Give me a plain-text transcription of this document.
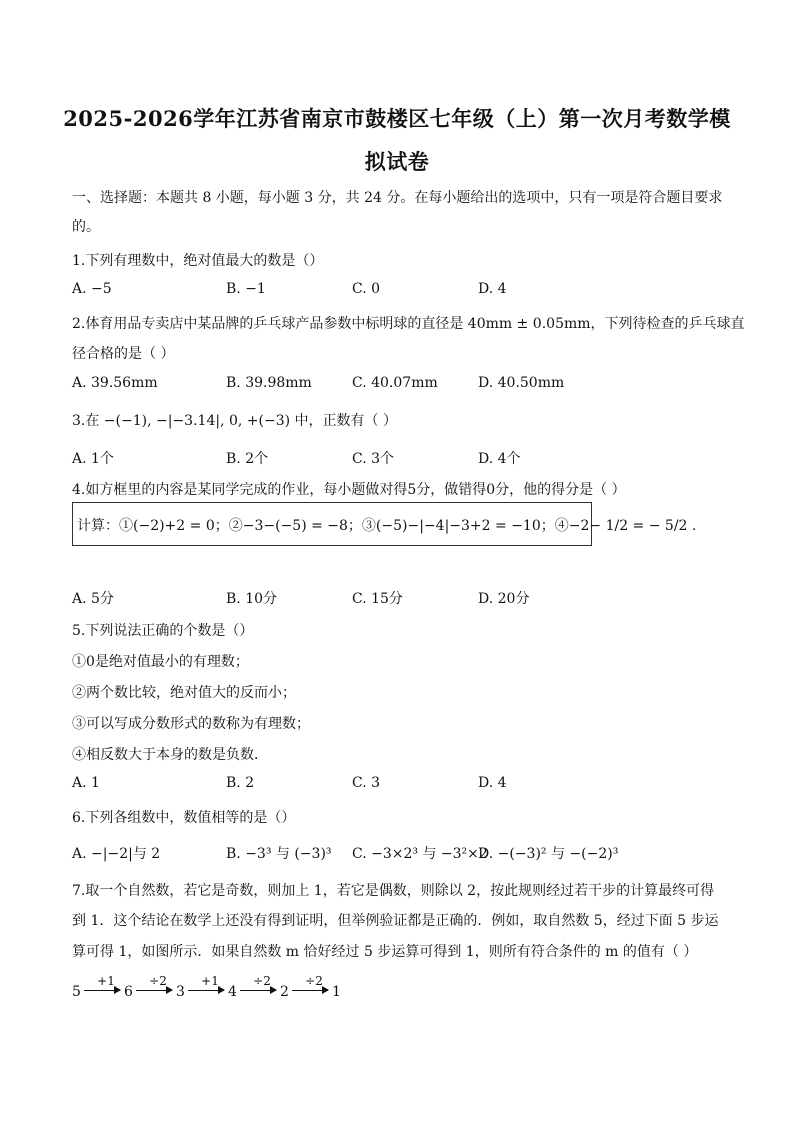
2025-2026学年江苏省南京市鼓楼区七年级（上）第一次月考数学模
拟试卷
一、选择题：本题共 8 小题，每小题 3 分，共 24 分。在每小题给出的选项中，只有一项是符合题目要求
的。
1.下列有理数中，绝对值最大的数是（）
A. −5	B. −1	C. 0	D. 4
2.体育用品专卖店中某品牌的乒乓球产品参数中标明球的直径是 40mm ± 0.05mm，下列待检查的乒乓球直
径合格的是（ ）
A. 39.56mm	B. 39.98mm	C. 40.07mm	D. 40.50mm
3.在 −(−1), −|−3.14|, 0, +(−3) 中，正数有（ ）
A. 1个	B. 2个	C. 3个	D. 4个
4.如方框里的内容是某同学完成的作业，每小题做对得5分，做错得0分，他的得分是（ ）
计算：①(−2)+2 = 0；②−3−(−5) = −8；③(−5)−|−4|−3+2 = −10；④−2− 1/2 = − 5/2 .
A. 5分	B. 10分	C. 15分	D. 20分
5.下列说法正确的个数是（）
①0是绝对值最小的有理数；
②两个数比较，绝对值大的反而小；
③可以写成分数形式的数称为有理数；
④相反数大于本身的数是负数．
A. 1	B. 2	C. 3	D. 4
6.下列各组数中，数值相等的是（）
A. −|−2|与 2	B. −3³ 与 (−3)³ C. −3×2³ 与 −3²×2
D. −(−3)² 与 −(−2)³
7.取一个自然数，若它是奇数，则加上 1，若它是偶数，则除以 2，按此规则经过若干步的计算最终可得
到 1．这个结论在数学上还没有得到证明，但举例验证都是正确的．例如，取自然数 5，经过下面 5 步运
算可得 1，如图所示．如果自然数 m 恰好经过 5 步运算可得到 1，则所有符合条件的 m 的值有（ ）
5
+1
6
÷2
3
+1
4
÷2
2
÷2
1
